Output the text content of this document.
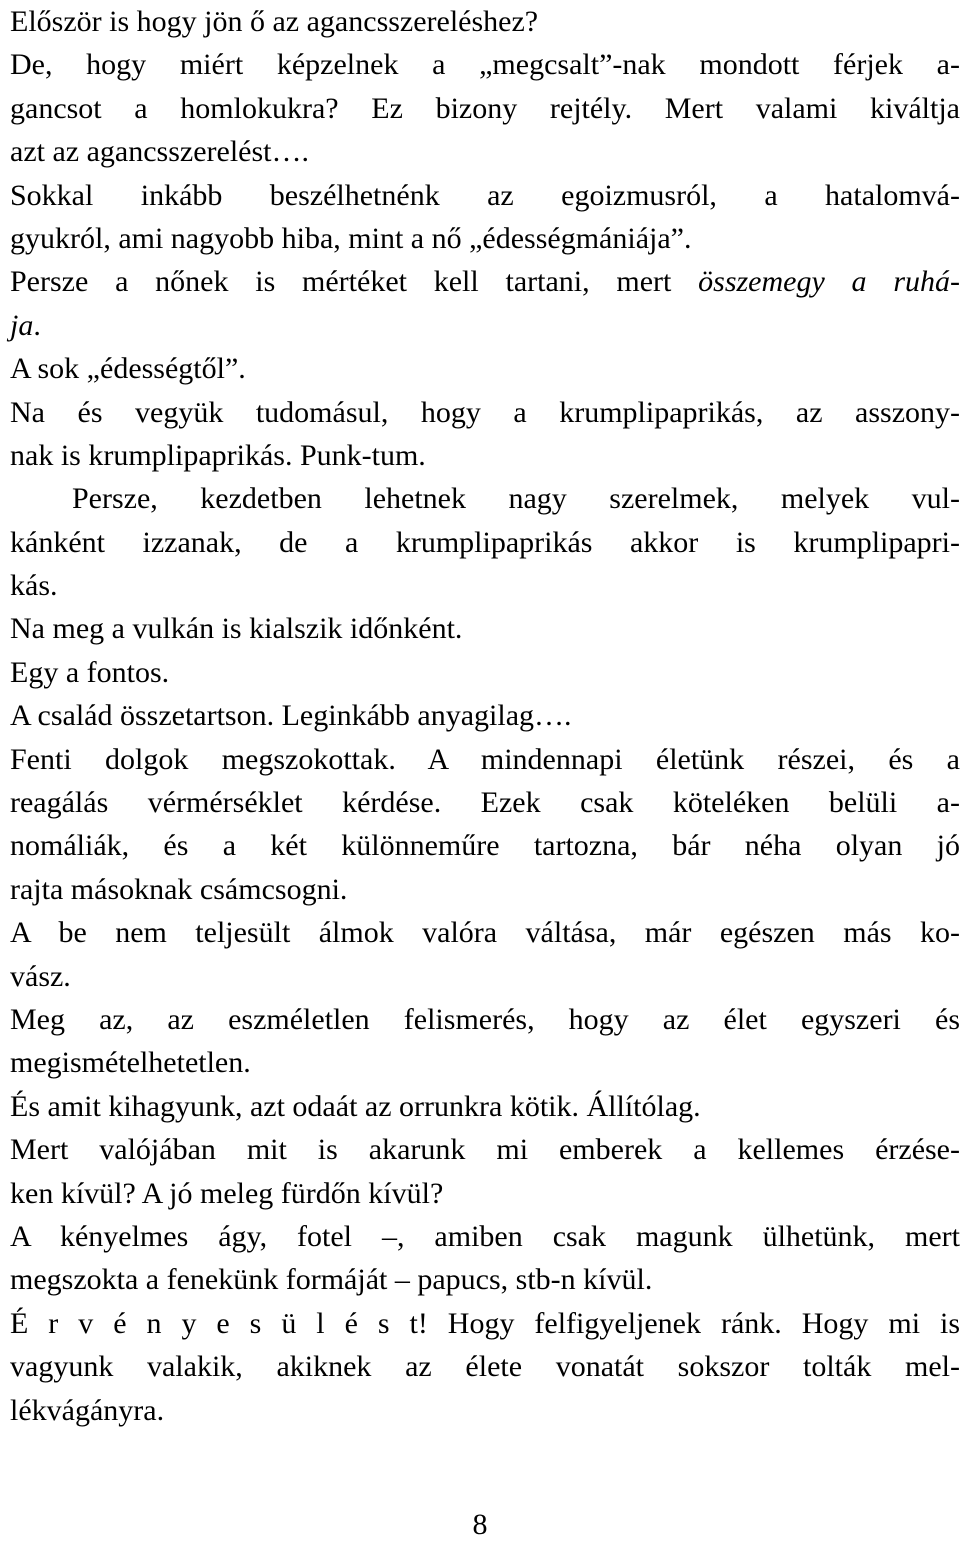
Először is hogy jön ő az agancsszereléshez?
De, hogy miért képzelnek a „megcsalt”-nak mondott férjek a-
gancsot a homlokukra? Ez bizony rejtély. Mert valami kiváltja
azt az agancsszerelést….
Sokkal inkább beszélhetnénk az egoizmusról, a hatalomvá-
gyukról, ami nagyobb hiba, mint a nő „édességmániája”.
Persze a nőnek is mértéket kell tartani, mert összemegy a ruhá-
ja.
A sok „édességtől”.
Na és vegyük tudomásul, hogy a krumplipaprikás, az asszony-
nak is krumplipaprikás. Punk-tum.
Persze, kezdetben lehetnek nagy szerelmek, melyek vul-
kánként izzanak, de a krumplipaprikás akkor is krumplipapri-
kás.
Na meg a vulkán is kialszik időnként.
Egy a fontos.
A család összetartson. Leginkább anyagilag….
Fenti dolgok megszokottak. A mindennapi életünk részei, és a
reagálás vérmérséklet kérdése. Ezek csak köteléken belüli a-
nomáliák, és a két különneműre tartozna, bár néha olyan jó
rajta másoknak csámcsogni.
A be nem teljesült álmok valóra váltása, már egészen más ko-
vász.
Meg az, az eszméletlen felismerés, hogy az élet egyszeri és
megismételhetetlen.
És amit kihagyunk, azt odaát az orrunkra kötik. Állítólag.
Mert valójában mit is akarunk mi emberek a kellemes érzése-
ken kívül? A jó meleg fürdőn kívül?
A kényelmes ágy, fotel –, amiben csak magunk ülhetünk, mert
megszokta a fenekünk formáját – papucs, stb-n kívül.
É r v é n y e s ü l é s t! Hogy felfigyeljenek ránk. Hogy mi is
vagyunk valakik, akiknek az élete vonatát sokszor tolták mel-
lékvágányra.
8
